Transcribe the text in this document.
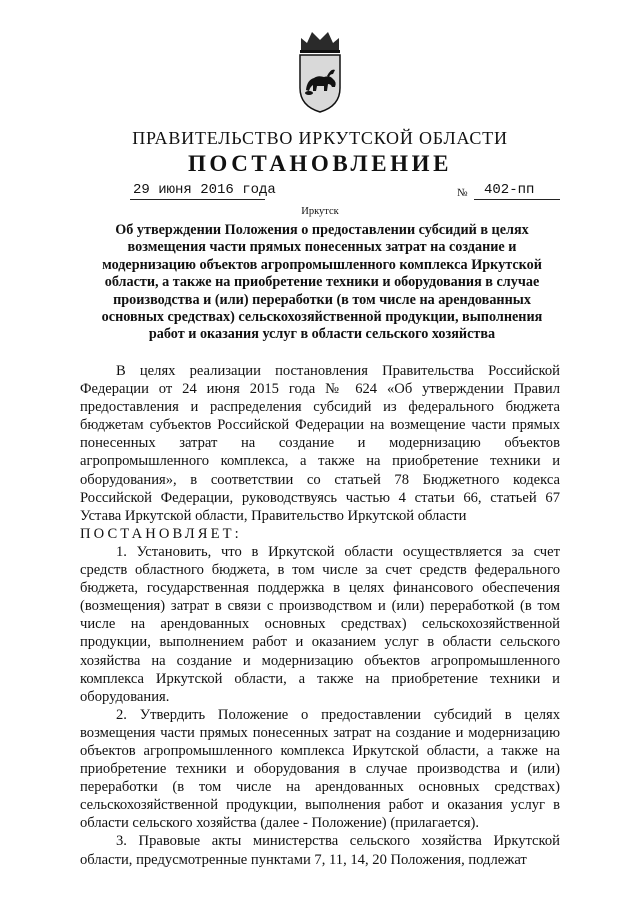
ПРАВИТЕЛЬСТВО ИРКУТСКОЙ ОБЛАСТИ
ПОСТАНОВЛЕНИЕ
29 июня 2016 года	№ 402-пп
Иркутск
Об утверждении Положения о предоставлении субсидий в целях возмещения части прямых понесенных затрат на создание и модернизацию объектов агропромышленного комплекса Иркутской области, а также на приобретение техники и оборудования в случае производства и (или) переработки (в том числе на арендованных основных средствах) сельскохозяйственной продукции, выполнения работ и оказания услуг в области сельского хозяйства

В целях реализации постановления Правительства Российской Федерации от 24 июня 2015 года № 624 «Об утверждении Правил предоставления и распределения субсидий из федерального бюджета бюджетам субъектов Российской Федерации на возмещение части прямых понесенных затрат на создание и модернизацию объектов агропромышленного комплекса, а также на приобретение техники и оборудования», в соответствии со статьей 78 Бюджетного кодекса Российской Федерации, руководствуясь частью 4 статьи 66, статьей 67 Устава Иркутской области, Правительство Иркутской области

ПОСТАНОВЛЯЕТ:

1. Установить, что в Иркутской области осуществляется за счет средств областного бюджета, в том числе за счет средств федерального бюджета, государственная поддержка в целях финансового обеспечения (возмещения) затрат в связи с производством и (или) переработкой (в том числе на арендованных основных средствах) сельскохозяйственной продукции, выполнением работ и оказанием услуг в области сельского хозяйства на создание и модернизацию объектов агропромышленного комплекса Иркутской области, а также на приобретение техники и оборудования.

2. Утвердить Положение о предоставлении субсидий в целях возмещения части прямых понесенных затрат на создание и модернизацию объектов агропромышленного комплекса Иркутской области, а также на приобретение техники и оборудования в случае производства и (или) переработки (в том числе на арендованных основных средствах) сельскохозяйственной продукции, выполнения работ и оказания услуг в области сельского хозяйства (далее - Положение) (прилагается).

3. Правовые акты министерства сельского хозяйства Иркутской области, предусмотренные пунктами 7, 11, 14, 20 Положения, подлежат
